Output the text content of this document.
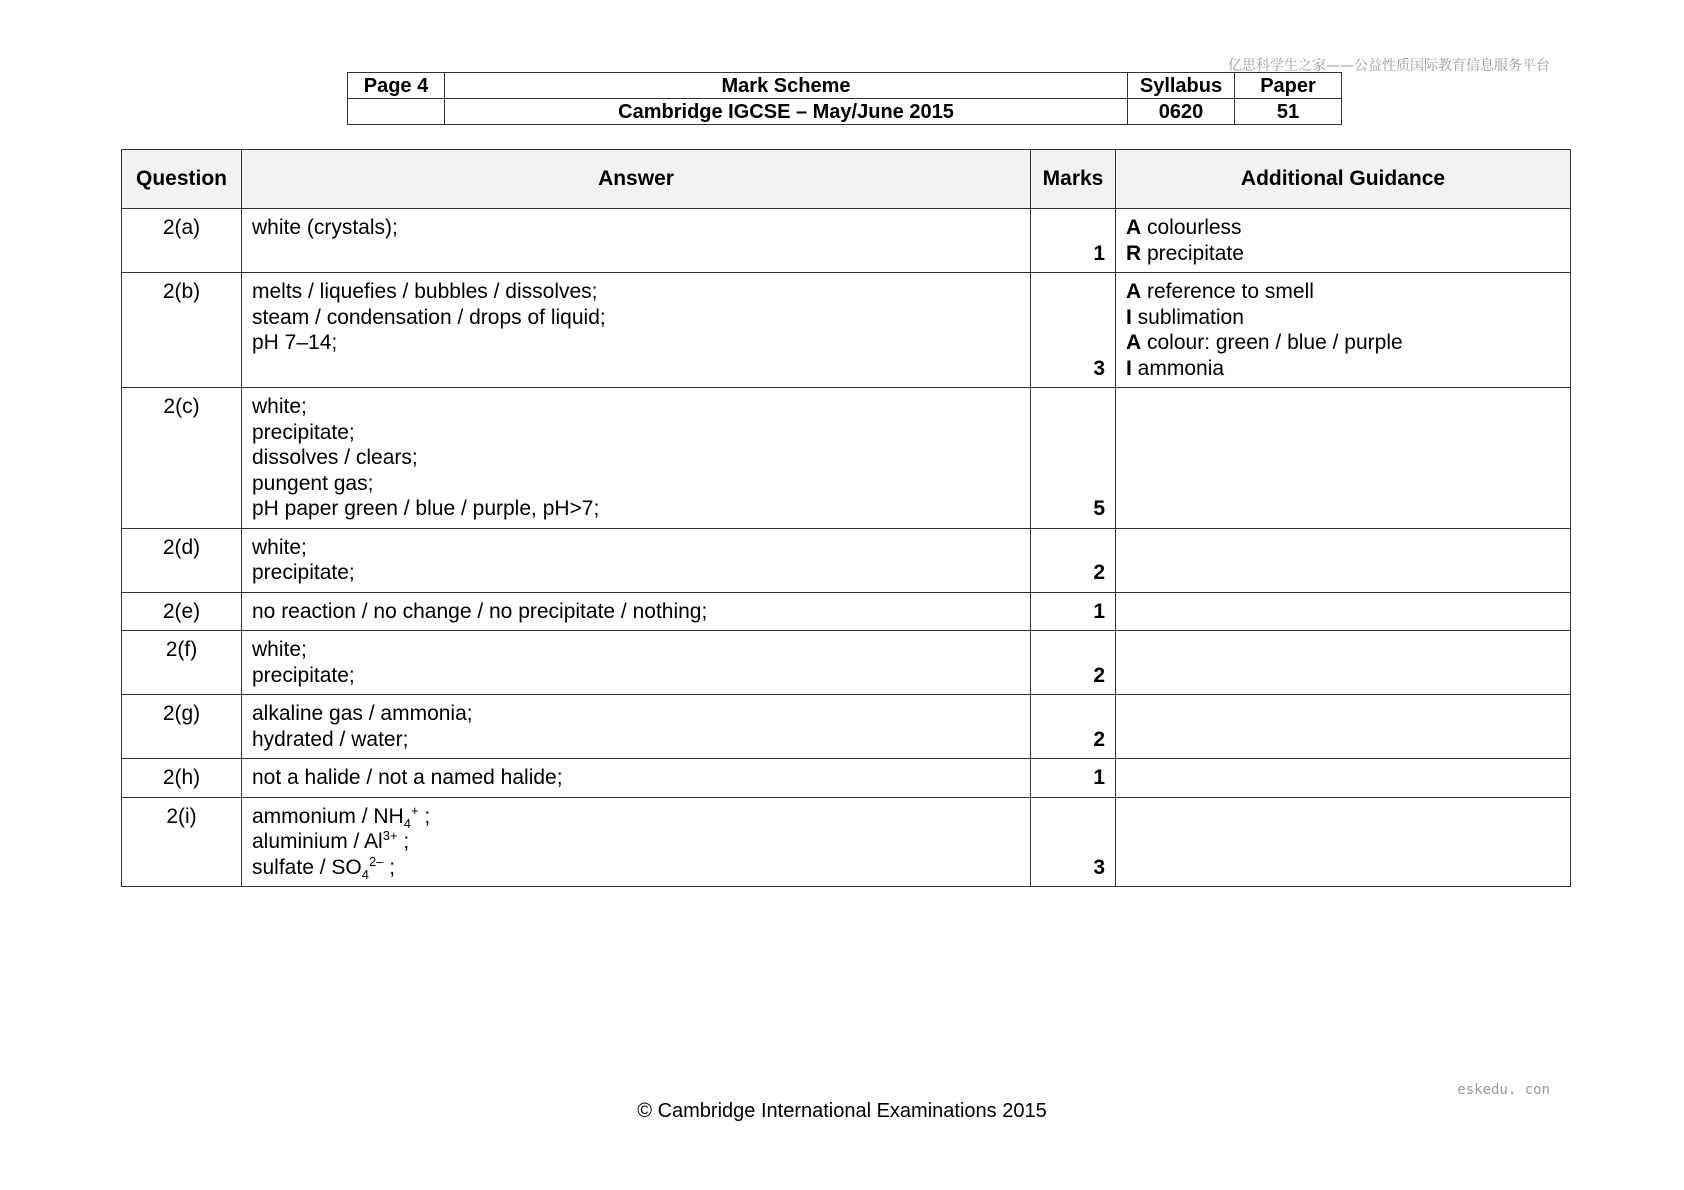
亿思科学生之家——公益性质国际教育信息服务平台
Page 4	Mark Scheme	Syllabus	Paper
	Cambridge IGCSE – May/June 2015	0620	51
Question	Answer	Marks	Additional Guidance
2(a)	white (crystals);	1	A colourless
R precipitate

2(b)	melts / liquefies / bubbles / dissolves;
steam / condensation / drops of liquid;
pH 7–14;	3	A reference to smell
I sublimation
A colour: green / blue / purple
I ammonia

2(c)	white;
precipitate;
dissolves / clears;
pungent gas;
pH paper green / blue / purple, pH>7;	5	
2(d)	white;
precipitate;	2	
2(e)	no reaction / no change / no precipitate / nothing;	1	
2(f)	white;
precipitate;	2	
2(g)	alkaline gas / ammonia;
hydrated / water;	2	
2(h)	not a halide / not a named halide;	1	
2(i)	ammonium / $NH_4^+$ ;
aluminium / $Al^{3+}$ ;
sulfate / $SO_4^{2-}$ ;	3	
eskedu. con
© Cambridge International Examinations 2015
